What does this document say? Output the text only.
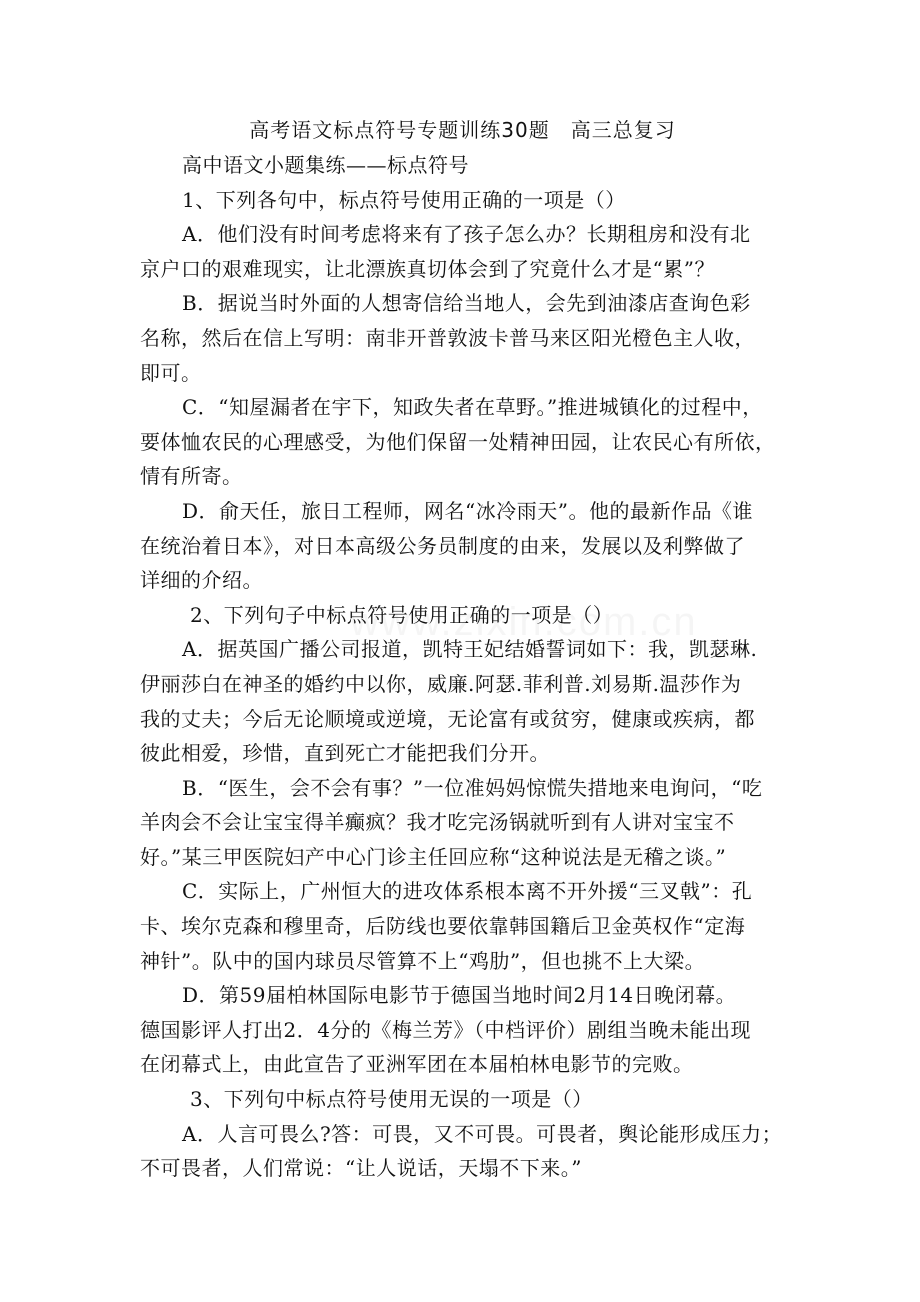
高考语文标点符号专题训练30题　高三总复习
高中语文小题集练——标点符号
1、下列各句中，标点符号使用正确的一项是（）
A．他们没有时间考虑将来有了孩子怎么办？长期租房和没有北
京户口的艰难现实，让北漂族真切体会到了究竟什么才是“累”？
B．据说当时外面的人想寄信给当地人，会先到油漆店查询色彩
名称，然后在信上写明：南非开普敦波卡普马来区阳光橙色主人收，
即可。
C．“知屋漏者在宇下，知政失者在草野。”推进城镇化的过程中，
要体恤农民的心理感受，为他们保留一处精神田园，让农民心有所依，
情有所寄。
D．俞天任，旅日工程师，网名“冰冷雨天”。他的最新作品《谁
在统治着日本》，对日本高级公务员制度的由来，发展以及利弊做了
详细的介绍。
2、下列句子中标点符号使用正确的一项是（）
A．据英国广播公司报道，凯特王妃结婚誓词如下：我，凯瑟琳.
伊丽莎白在神圣的婚约中以你，威廉.阿瑟.菲利普.刘易斯.温莎作为
我的丈夫；今后无论顺境或逆境，无论富有或贫穷，健康或疾病，都
彼此相爱，珍惜，直到死亡才能把我们分开。
B．“医生，会不会有事？”一位准妈妈惊慌失措地来电询问，“吃
羊肉会不会让宝宝得羊癫疯？我才吃完汤锅就听到有人讲对宝宝不
好。”某三甲医院妇产中心门诊主任回应称“这种说法是无稽之谈。”
C．实际上，广州恒大的进攻体系根本离不开外援“三叉戟”：孔
卡、埃尔克森和穆里奇，后防线也要依靠韩国籍后卫金英权作“定海
神针”。队中的国内球员尽管算不上“鸡肋”，但也挑不上大梁。
D．第59届柏林国际电影节于德国当地时间2月14日晚闭幕。
德国影评人打出2．4分的《梅兰芳》（中档评价）剧组当晚未能出现
在闭幕式上，由此宣告了亚洲军团在本届柏林电影节的完败。
3、下列句中标点符号使用无误的一项是（）
A．人言可畏么?答：可畏，又不可畏。可畏者，舆论能形成压力；
不可畏者，人们常说：“让人说话，天塌不下来。”
